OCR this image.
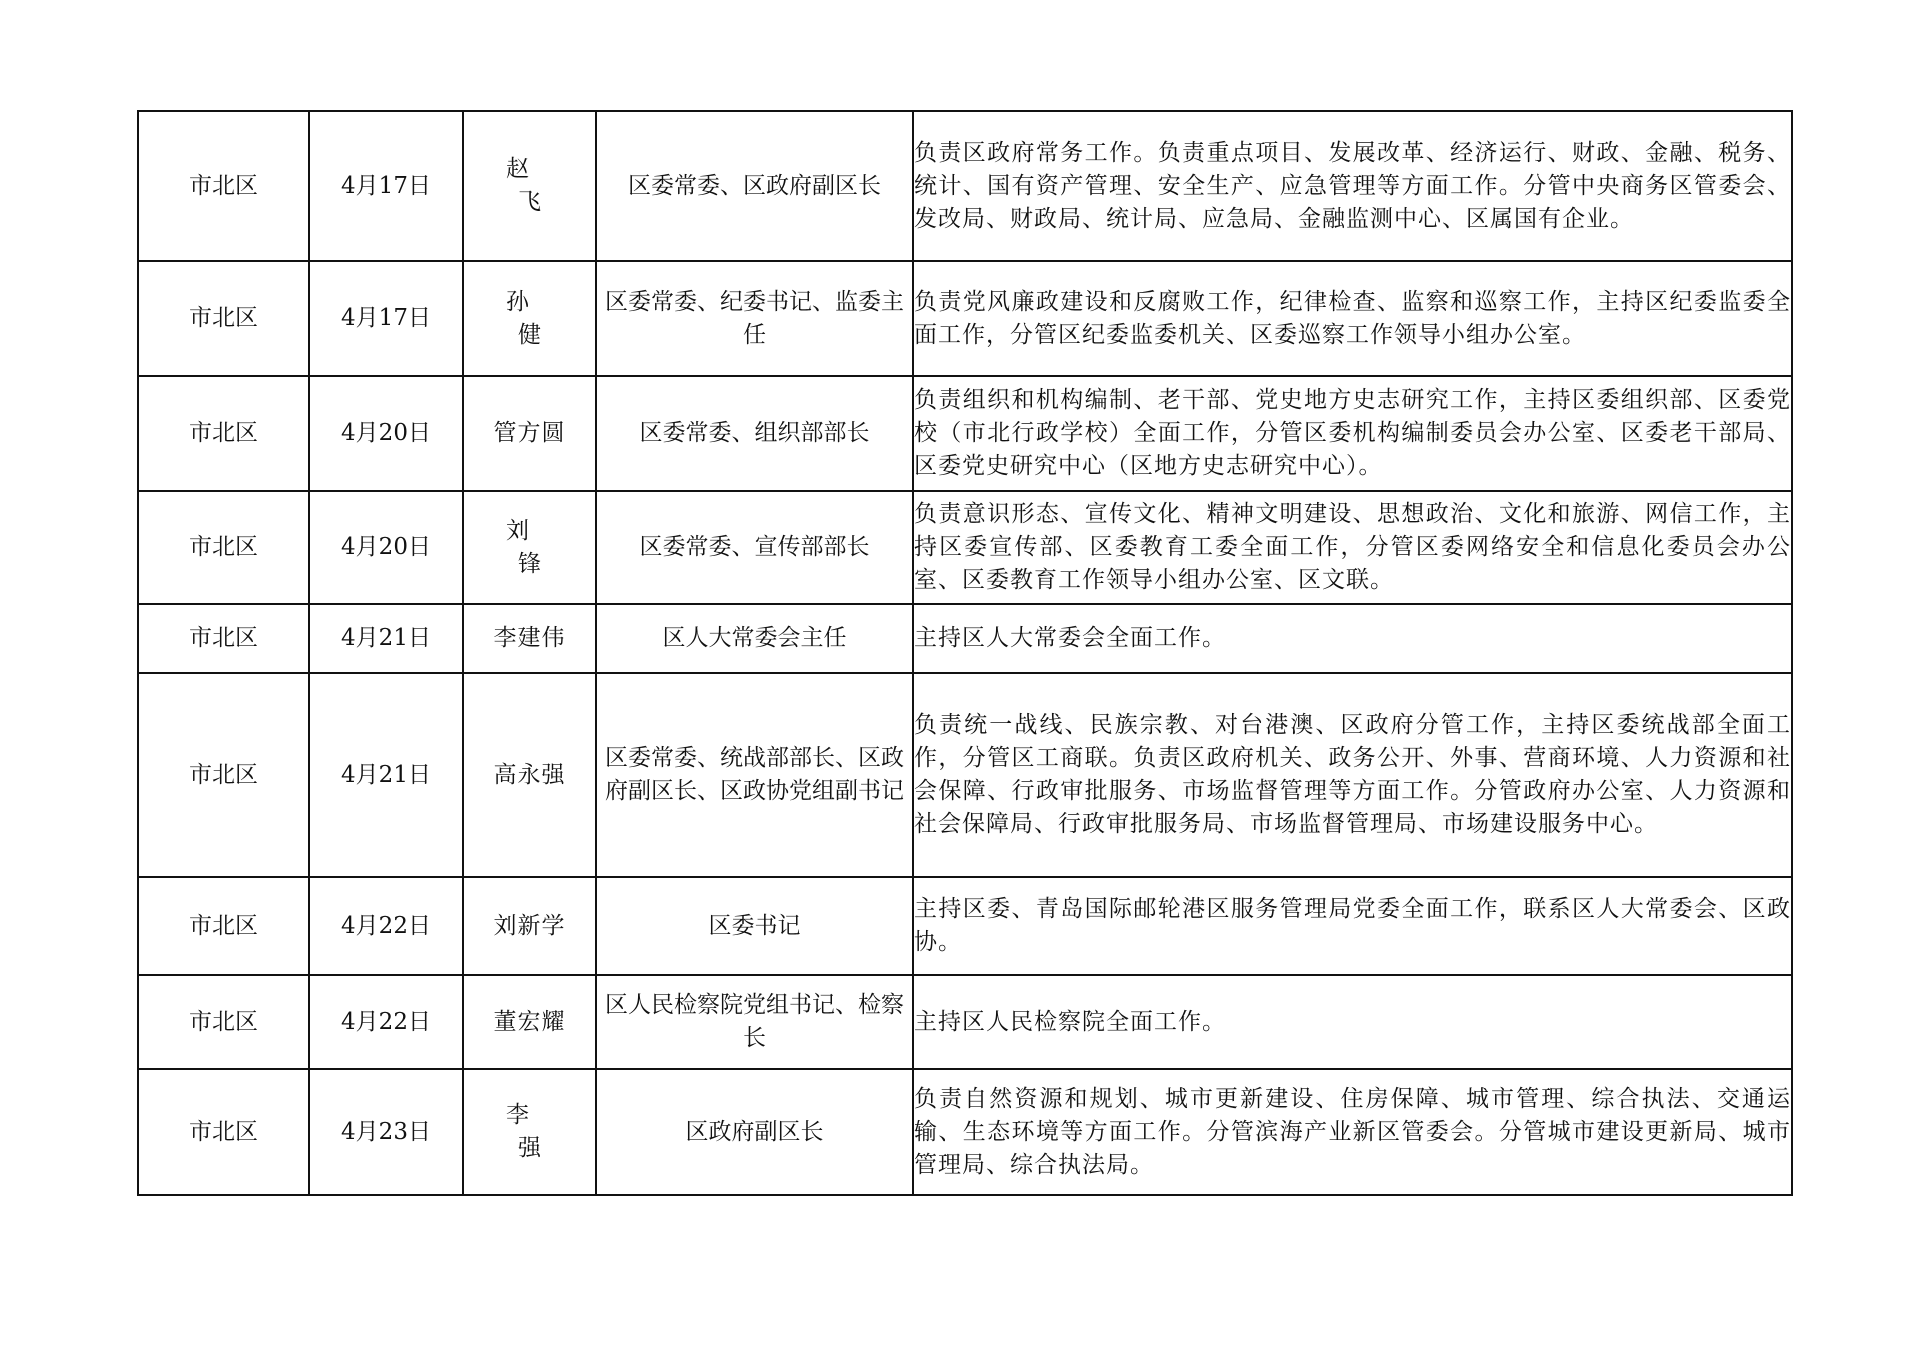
市北区	4月17日	赵　飞	区委常委、区政府副区长	负责区政府常务工作。负责重点项目、发展改革、经济运行、财政、金融、税务、统计、国有资产管理、安全生产、应急管理等方面工作。分管中央商务区管委会、发改局、财政局、统计局、应急局、金融监测中心、区属国有企业。

市北区	4月17日	孙　健	区委常委、纪委书记、监委主任	负责党风廉政建设和反腐败工作，纪律检查、监察和巡察工作，主持区纪委监委全面工作，分管区纪委监委机关、区委巡察工作领导小组办公室。

市北区	4月20日	管方圆	区委常委、组织部部长	负责组织和机构编制、老干部、党史地方史志研究工作，主持区委组织部、区委党校（市北行政学校）全面工作，分管区委机构编制委员会办公室、区委老干部局、区委党史研究中心（区地方史志研究中心）。

市北区	4月20日	刘　锋	区委常委、宣传部部长	负责意识形态、宣传文化、精神文明建设、思想政治、文化和旅游、网信工作，主持区委宣传部、区委教育工委全面工作，分管区委网络安全和信息化委员会办公室、区委教育工作领导小组办公室、区文联。

市北区	4月21日	李建伟	区人大常委会主任	主持区人大常委会全面工作。

市北区	4月21日	高永强	区委常委、统战部部长、区政府副区长、区政协党组副书记	负责统一战线、民族宗教、对台港澳、区政府分管工作，主持区委统战部全面工作，分管区工商联。负责区政府机关、政务公开、外事、营商环境、人力资源和社会保障、行政审批服务、市场监督管理等方面工作。分管政府办公室、人力资源和社会保障局、行政审批服务局、市场监督管理局、市场建设服务中心。

市北区	4月22日	刘新学	区委书记	主持区委、青岛国际邮轮港区服务管理局党委全面工作，联系区人大常委会、区政协。

市北区	4月22日	董宏耀	区人民检察院党组书记、检察长	主持区人民检察院全面工作。

市北区	4月23日	李　强	区政府副区长	负责自然资源和规划、城市更新建设、住房保障、城市管理、综合执法、交通运输、生态环境等方面工作。分管滨海产业新区管委会。分管城市建设更新局、城市管理局、综合执法局。
